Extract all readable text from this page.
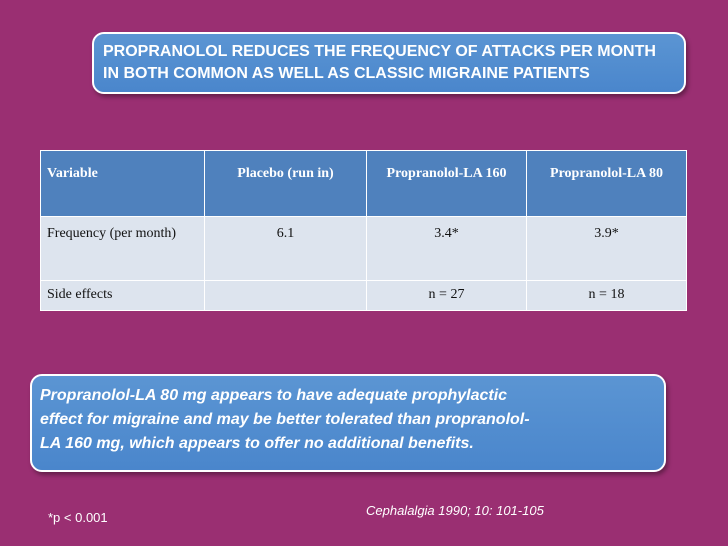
PROPRANOLOL REDUCES THE FREQUENCY OF ATTACKS PER MONTH
IN BOTH COMMON AS WELL AS CLASSIC MIGRAINE PATIENTS
Variable	Placebo (run in)	Propranolol-LA 160	Propranolol-LA 80
Frequency (per month)	6.1	3.4*	3.9*
Side effects		n = 27	n = 18
Propranolol-LA 80 mg appears to have adequate prophylactic
effect for migraine and may be better tolerated than propranolol-
LA 160 mg, which appears to offer no additional benefits.
*p < 0.001	Cephalalgia 1990; 10: 101-105
